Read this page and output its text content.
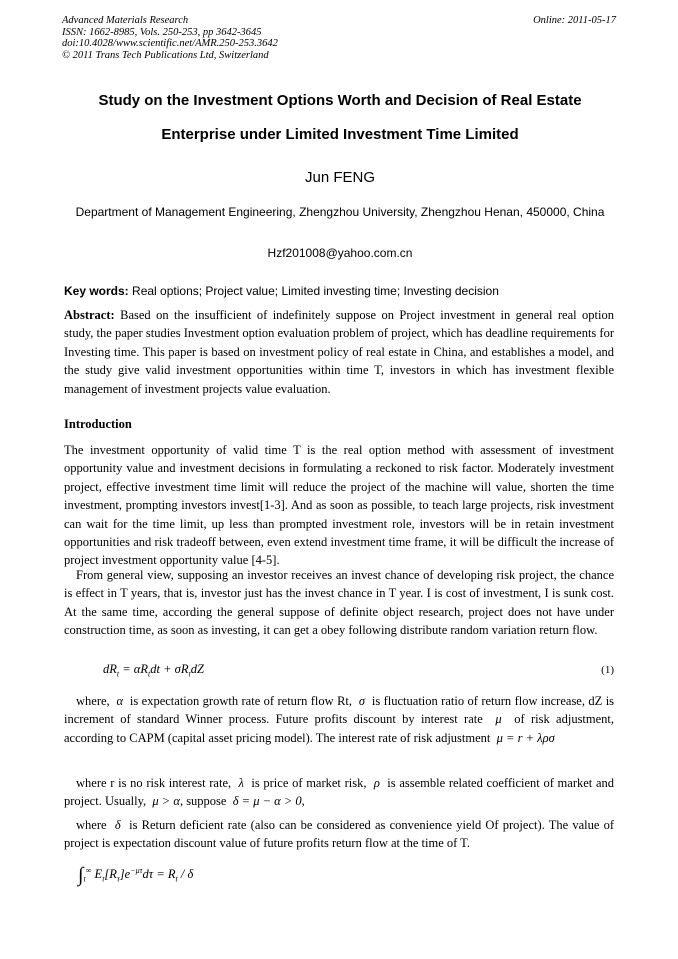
Advanced Materials Research
ISSN: 1662-8985, Vols. 250-253, pp 3642-3645
doi:10.4028/www.scientific.net/AMR.250-253.3642
© 2011 Trans Tech Publications Ltd, Switzerland
Online: 2011-05-17
Study on the Investment Options Worth and Decision of Real Estate
Enterprise under Limited Investment Time Limited
Jun FENG
Department of Management Engineering, Zhengzhou University, Zhengzhou Henan, 450000, China
Hzf201008@yahoo.com.cn
Key words: Real options; Project value; Limited investing time; Investing decision
Abstract: Based on the insufficient of indefinitely suppose on Project investment in general real option study, the paper studies Investment option evaluation problem of project, which has deadline requirements for Investing time. This paper is based on investment policy of real estate in China, and establishes a model, and the study give valid investment opportunities within time T, investors in which has investment flexible management of investment projects value evaluation.
Introduction
The investment opportunity of valid time T is the real option method with assessment of investment opportunity value and investment decisions in formulating a reckoned to risk factor. Moderately investment project, effective investment time limit will reduce the project of the machine will value, shorten the time investment, prompting investors invest[1-3]. And as soon as possible, to teach large projects, risk investment can wait for the time limit, up less than prompted investment role, investors will be in retain investment opportunities and risk tradeoff between, even extend investment time frame, it will be difficult the increase of project investment opportunity value [4-5].
From general view, supposing an investor receives an invest chance of developing risk project, the chance is effect in T years, that is, investor just has the invest chance in T year. I is cost of investment, I is sunk cost. At the same time, according the general suppose of definite object research, project does not have under construction time, as soon as investing, it can get a obey following distribute random variation return flow.
$dR_t = \alpha R_tdt + \sigma R_tdZ$	(1)
where,  α  is expectation growth rate of return flow Rt,  σ  is fluctuation ratio of return flow increase, dZ is increment of standard Winner process. Future profits discount by interest rate  μ  of risk adjustment, according to CAPM (capital asset pricing model). The interest rate of risk adjustment  μ = r + λρσ
where r is no risk interest rate,  λ  is price of market risk,  ρ  is assemble related coefficient of market and project. Usually,  μ > α, suppose  δ = μ − α > 0,
where  δ  is Return deficient rate (also can be considered as convenience yield Of project). The value of project is expectation discount value of future profits return flow at the time of T.
$\int_t^\infty$ $E_t[R_\tau]e^{-\mu\tau}d\tau = R_t / \delta$
